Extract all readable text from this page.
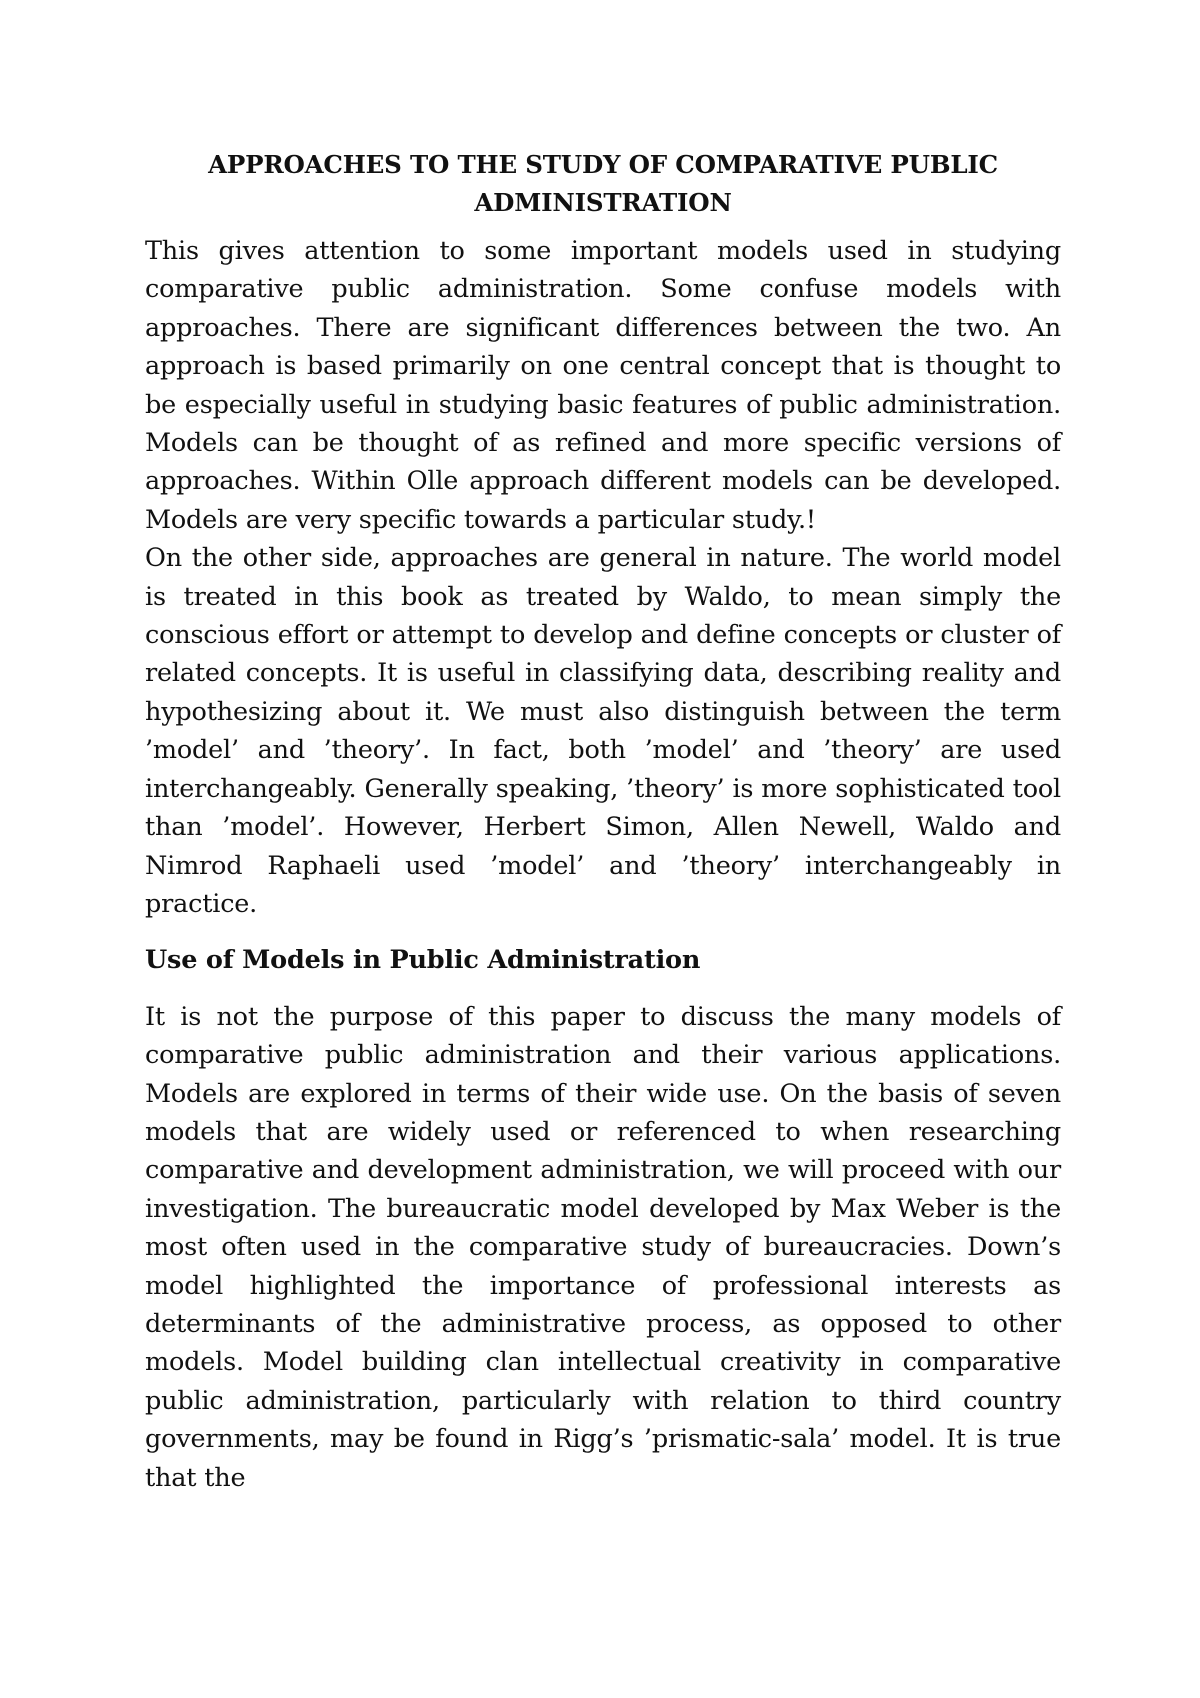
APPROACHES TO THE STUDY OF COMPARATIVE PUBLIC ADMINISTRATION

This gives attention to some important models used in studying comparative public administration. Some confuse models with approaches. There are significant differences between the two. An approach is based primarily on one central concept that is thought to be especially useful in studying basic features of public administration. Models can be thought of as refined and more specific versions of approaches. Within Olle approach different models can be developed. Models are very specific towards a particular study.!

On the other side, approaches are general in nature. The world model is treated in this book as treated by Waldo, to mean simply the conscious effort or attempt to develop and define concepts or cluster of related concepts. It is useful in classifying data, describing reality and hypothesizing about it. We must also distinguish between the term ’model’ and ’theory’. In fact, both ’model’ and ’theory’ are used interchangeably. Generally speaking, ’theory’ is more sophisticated tool than ’model’. However, Herbert Simon, Allen Newell, Waldo and Nimrod Raphaeli used ’model’ and ’theory’ interchangeably in practice.

Use of Models in Public Administration

It is not the purpose of this paper to discuss the many models of comparative public administration and their various applications. Models are explored in terms of their wide use. On the basis of seven models that are widely used or referenced to when researching comparative and development administration, we will proceed with our investigation. The bureaucratic model developed by Max Weber is the most often used in the comparative study of bureaucracies. Down’s model highlighted the importance of professional interests as determinants of the administrative process, as opposed to other models. Model building clan intellectual creativity in comparative public administration, particularly with relation to third country governments, may be found in Rigg’s ’prismatic-sala’ model. It is true that the
